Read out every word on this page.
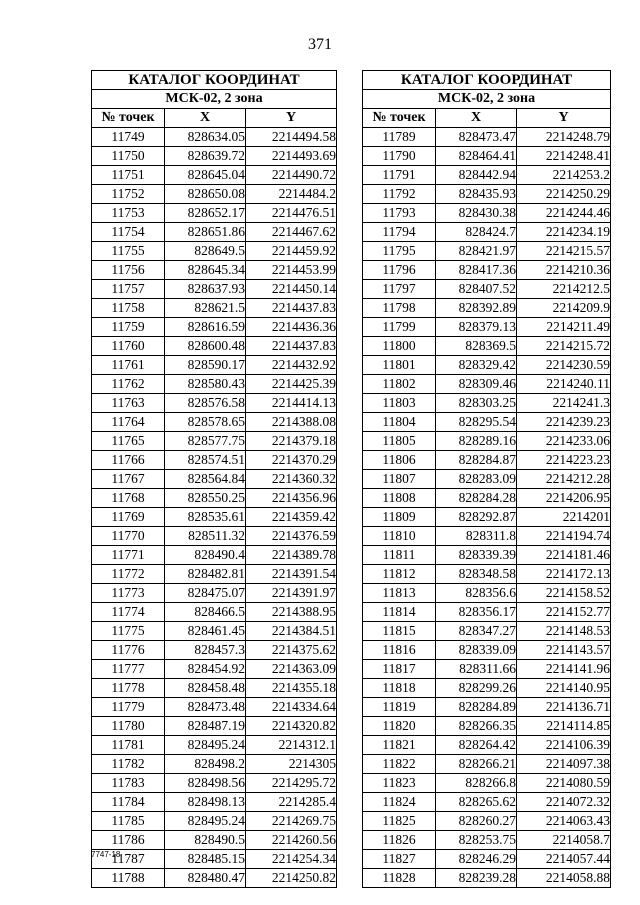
371
КАТАЛОГ КООРДИНАТ		
МСК-02, 2 зона		
№ точек	X	Y
11749	828634.05	2214494.58
11750	828639.72	2214493.69
11751	828645.04	2214490.72
11752	828650.08	2214484.2
11753	828652.17	2214476.51
11754	828651.86	2214467.62
11755	828649.5	2214459.92
11756	828645.34	2214453.99
11757	828637.93	2214450.14
11758	828621.5	2214437.83
11759	828616.59	2214436.36
11760	828600.48	2214437.83
11761	828590.17	2214432.92
11762	828580.43	2214425.39
11763	828576.58	2214414.13
11764	828578.65	2214388.08
11765	828577.75	2214379.18
11766	828574.51	2214370.29
11767	828564.84	2214360.32
11768	828550.25	2214356.96
11769	828535.61	2214359.42
11770	828511.32	2214376.59
11771	828490.4	2214389.78
11772	828482.81	2214391.54
11773	828475.07	2214391.97
11774	828466.5	2214388.95
11775	828461.45	2214384.51
11776	828457.3	2214375.62
11777	828454.92	2214363.09
11778	828458.48	2214355.18
11779	828473.48	2214334.64
11780	828487.19	2214320.82
11781	828495.24	2214312.1
11782	828498.2	2214305
11783	828498.56	2214295.72
11784	828498.13	2214285.4
11785	828495.24	2214269.75
11786	828490.5	2214260.56
11787	828485.15	2214254.34
11788	828480.47	2214250.82
КАТАЛОГ КООРДИНАТ		
МСК-02, 2 зона		
№ точек	X	Y
11789	828473.47	2214248.79
11790	828464.41	2214248.41
11791	828442.94	2214253.2
11792	828435.93	2214250.29
11793	828430.38	2214244.46
11794	828424.7	2214234.19
11795	828421.97	2214215.57
11796	828417.36	2214210.36
11797	828407.52	2214212.5
11798	828392.89	2214209.9
11799	828379.13	2214211.49
11800	828369.5	2214215.72
11801	828329.42	2214230.59
11802	828309.46	2214240.11
11803	828303.25	2214241.3
11804	828295.54	2214239.23
11805	828289.16	2214233.06
11806	828284.87	2214223.23
11807	828283.09	2214212.28
11808	828284.28	2214206.95
11809	828292.87	2214201
11810	828311.8	2214194.74
11811	828339.39	2214181.46
11812	828348.58	2214172.13
11813	828356.6	2214158.52
11814	828356.17	2214152.77
11815	828347.27	2214148.53
11816	828339.09	2214143.57
11817	828311.66	2214141.96
11818	828299.26	2214140.95
11819	828284.89	2214136.71
11820	828266.35	2214114.85
11821	828264.42	2214106.39
11822	828266.21	2214097.38
11823	828266.8	2214080.59
11824	828265.62	2214072.32
11825	828260.27	2214063.43
11826	828253.75	2214058.7
11827	828246.29	2214057.44
11828	828239.28	2214058.88
7747-18
